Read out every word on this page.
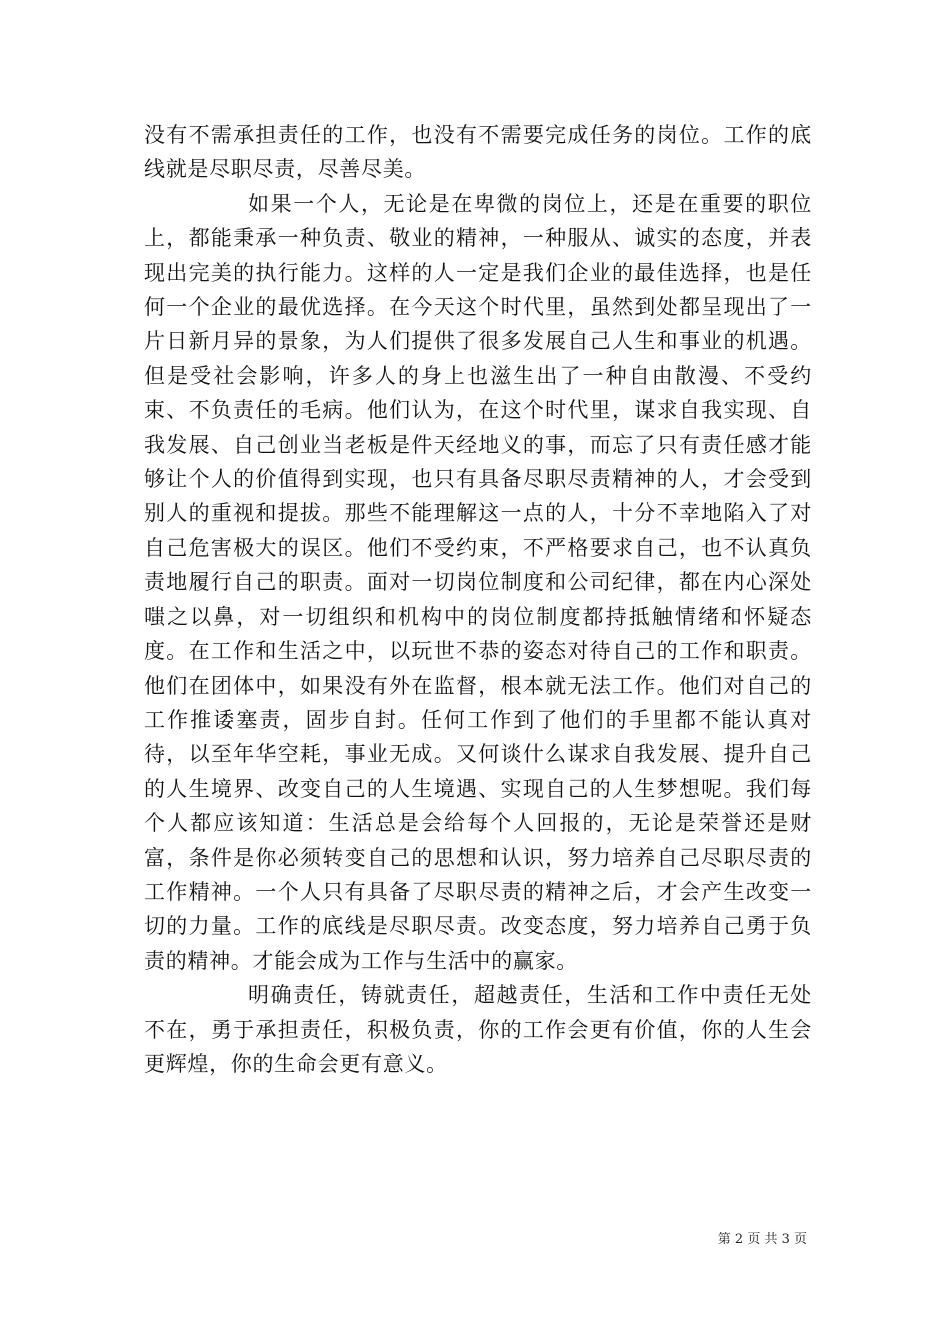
没有不需承担责任的工作，也没有不需要完成任务的岗位。工作的底线就是尽职尽责，尽善尽美。

如果一个人，无论是在卑微的岗位上，还是在重要的职位上，都能秉承一种负责、敬业的精神，一种服从、诚实的态度，并表现出完美的执行能力。这样的人一定是我们企业的最佳选择，也是任何一个企业的最优选择。在今天这个时代里，虽然到处都呈现出了一片日新月异的景象，为人们提供了很多发展自己人生和事业的机遇。但是受社会影响，许多人的身上也滋生出了一种自由散漫、不受约束、不负责任的毛病。他们认为，在这个时代里，谋求自我实现、自我发展、自己创业当老板是件天经地义的事，而忘了只有责任感才能够让个人的价值得到实现，也只有具备尽职尽责精神的人，才会受到别人的重视和提拔。那些不能理解这一点的人，十分不幸地陷入了对自己危害极大的误区。他们不受约束，不严格要求自己，也不认真负责地履行自己的职责。面对一切岗位制度和公司纪律，都在内心深处嗤之以鼻，对一切组织和机构中的岗位制度都持抵触情绪和怀疑态度。在工作和生活之中，以玩世不恭的姿态对待自己的工作和职责。他们在团体中，如果没有外在监督，根本就无法工作。他们对自己的工作推诿塞责，固步自封。任何工作到了他们的手里都不能认真对待，以至年华空耗，事业无成。又何谈什么谋求自我发展、提升自己的人生境界、改变自己的人生境遇、实现自己的人生梦想呢。我们每个人都应该知道：生活总是会给每个人回报的，无论是荣誉还是财富，条件是你必须转变自己的思想和认识，努力培养自己尽职尽责的工作精神。一个人只有具备了尽职尽责的精神之后，才会产生改变一切的力量。工作的底线是尽职尽责。改变态度，努力培养自己勇于负责的精神。才能会成为工作与生活中的赢家。

明确责任，铸就责任，超越责任，生活和工作中责任无处不在，勇于承担责任，积极负责，你的工作会更有价值，你的人生会更辉煌，你的生命会更有意义。

第 2 页 共 3 页
